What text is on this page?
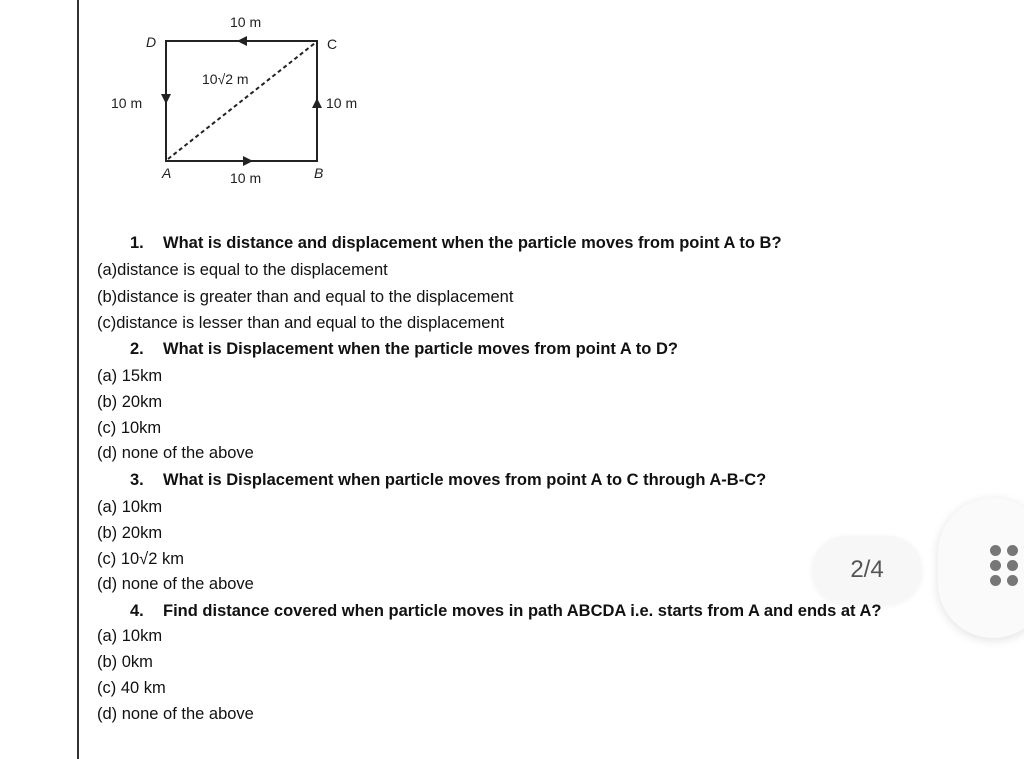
D	C
A	B
10 m
10 m
10 m	10 m
10√2 m
1. What is distance and displacement when the particle moves from point A to B?
(a)distance is equal to the displacement
(b)distance is greater than and equal to the displacement
(c)distance is lesser than and equal to the displacement
2. What is Displacement when the particle moves from point A to D?
(a) 15km
(b) 20km
(c) 10km
(d) none of the above
3. What is Displacement when particle moves from point A to C through A-B-C?
(a) 10km
(b) 20km
(c) 10√2 km
(d) none of the above
2/4
4. Find distance covered when particle moves in path ABCDA i.e. starts from A and ends at A?
(a) 10km
(b) 0km
(c) 40 km
(d) none of the above
